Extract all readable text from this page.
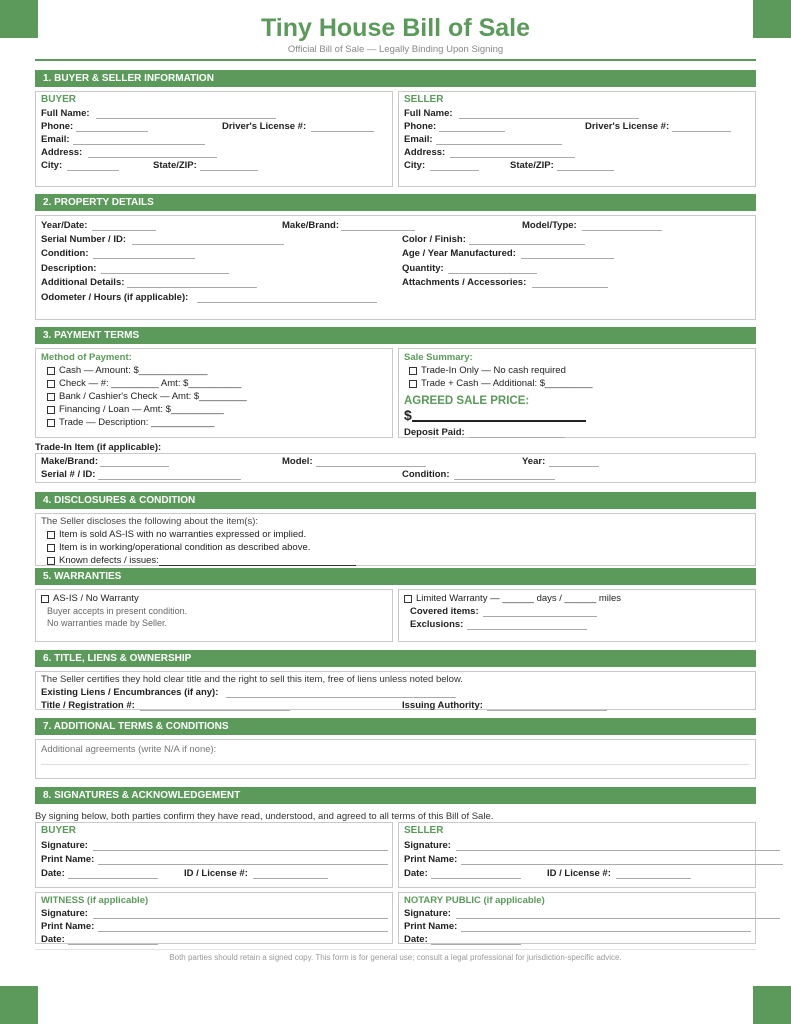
Tiny House Bill of Sale
Official Bill of Sale — Legally Binding Upon Signing
1. BUYER & SELLER INFORMATION
BUYER
Full Name:
Phone:	Driver's License #:
Email:
Address:
City:	State/ZIP:
SELLER
Full Name:
Phone:	Driver's License #:
Email:
Address:
City:	State/ZIP:
2. PROPERTY DETAILS
Year/Date:	Make/Brand:	Model/Type:
Serial Number / ID:	Color / Finish:
Condition:	Age / Year Manufactured:
Description:	Quantity:
Additional Details:	Attachments / Accessories:
Odometer / Hours (if applicable):
3. PAYMENT TERMS
Method of Payment:
Cash — Amount: $_____________
Check — #: _________ Amt: $__________
Bank / Cashier's Check — Amt: $_________
Financing / Loan — Amt: $__________
Trade — Description: ____________
Sale Summary:
Trade-In Only — No cash required
Trade + Cash — Additional: $_________
AGREED SALE PRICE:
$
Deposit Paid:
Trade-In Item (if applicable):
Make/Brand:	Model:	Year:
Serial # / ID:	Condition:
4. DISCLOSURES & CONDITION
The Seller discloses the following about the item(s):
Item is sold AS-IS with no warranties expressed or implied.
Item is in working/operational condition as described above.
Known defects / issues:
5. WARRANTIES
AS-IS / No Warranty
Buyer accepts in present condition.
No warranties made by Seller.
Limited Warranty — ______ days / ______ miles
Covered items:
Exclusions:
6. TITLE, LIENS & OWNERSHIP
The Seller certifies they hold clear title and the right to sell this item, free of liens unless noted below.
Existing Liens / Encumbrances (if any):
Title / Registration #:	Issuing Authority:
7. ADDITIONAL TERMS & CONDITIONS
Additional agreements (write N/A if none):
8. SIGNATURES & ACKNOWLEDGEMENT
By signing below, both parties confirm they have read, understood, and agreed to all terms of this Bill of Sale.
BUYER
Signature:
Print Name:
Date:	ID / License #:
SELLER
Signature:
Print Name:
Date:	ID / License #:
WITNESS (if applicable)
Signature:
Print Name:
Date:
NOTARY PUBLIC (if applicable)
Signature:
Print Name:
Date:
Both parties should retain a signed copy. This form is for general use; consult a legal professional for jurisdiction-specific advice.
